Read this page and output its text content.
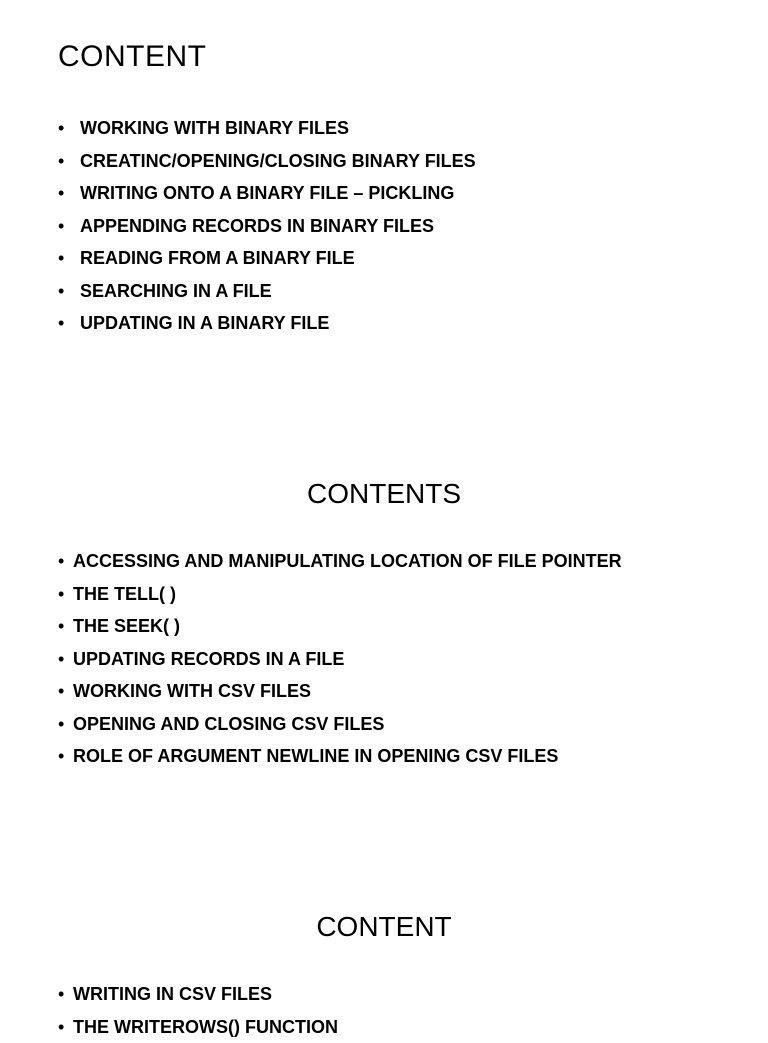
CONTENT
• WORKING WITH BINARY FILES
• CREATINC/OPENING/CLOSING BINARY FILES
• WRITING ONTO A BINARY FILE – PICKLING
• APPENDING RECORDS IN BINARY FILES
• READING FROM A BINARY FILE
• SEARCHING IN A FILE
• UPDATING IN A BINARY FILE
CONTENTS
• ACCESSING AND MANIPULATING LOCATION OF FILE POINTER
• THE TELL( )
• THE SEEK( )
• UPDATING RECORDS IN A FILE
• WORKING WITH CSV FILES
• OPENING AND CLOSING CSV FILES
• ROLE OF ARGUMENT NEWLINE IN OPENING CSV FILES
CONTENT
• WRITING IN CSV FILES
• THE WRITEROWS() FUNCTION
